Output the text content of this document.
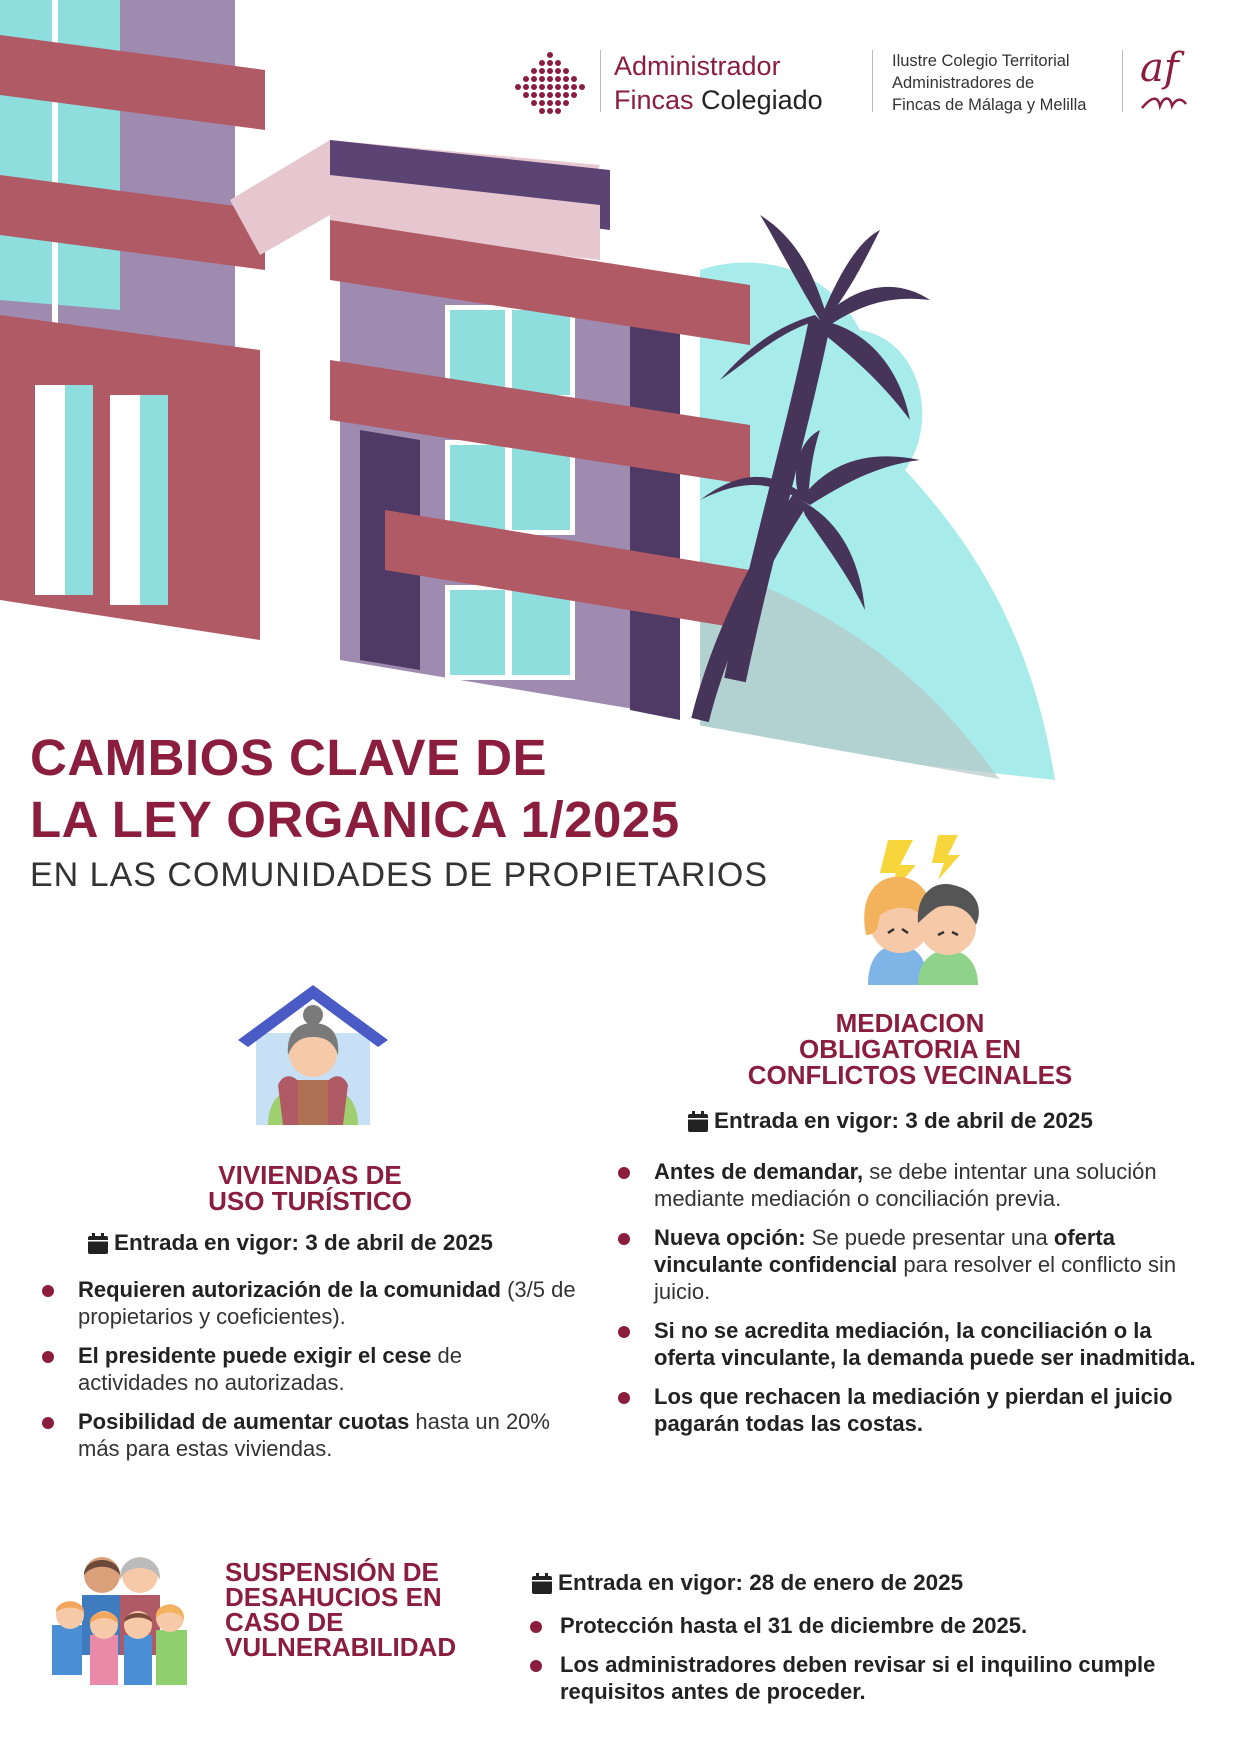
Administrador
Fincas Colegiado
Ilustre Colegio Territorial
Administradores de
Fincas de Málaga y Melilla
af
CAMBIOS CLAVE DE
LA LEY ORGANICA 1/2025
EN LAS COMUNIDADES DE PROPIETARIOS
VIVIENDAS DE
USO TURÍSTICO
Entrada en vigor: 3 de abril de 2025
Requieren autorización de la comunidad (3/5 de propietarios y coeficientes).
El presidente puede exigir el cese de actividades no autorizadas.
Posibilidad de aumentar cuotas hasta un 20% más para estas viviendas.
MEDIACION
OBLIGATORIA EN
CONFLICTOS VECINALES
Entrada en vigor: 3 de abril de 2025
Antes de demandar, se debe intentar una solución mediante mediación o conciliación previa.
Nueva opción: Se puede presentar una oferta vinculante confidencial para resolver el conflicto sin juicio.
Si no se acredita mediación, la conciliación o la oferta vinculante, la demanda puede ser inadmitida.
Los que rechacen la mediación y pierdan el juicio pagarán todas las costas.
SUSPENSIÓN DE
DESAHUCIOS EN
CASO DE
VULNERABILIDAD
Entrada en vigor: 28 de enero de 2025
Protección hasta el 31 de diciembre de 2025.
Los administradores deben revisar si el inquilino cumple requisitos antes de proceder.
